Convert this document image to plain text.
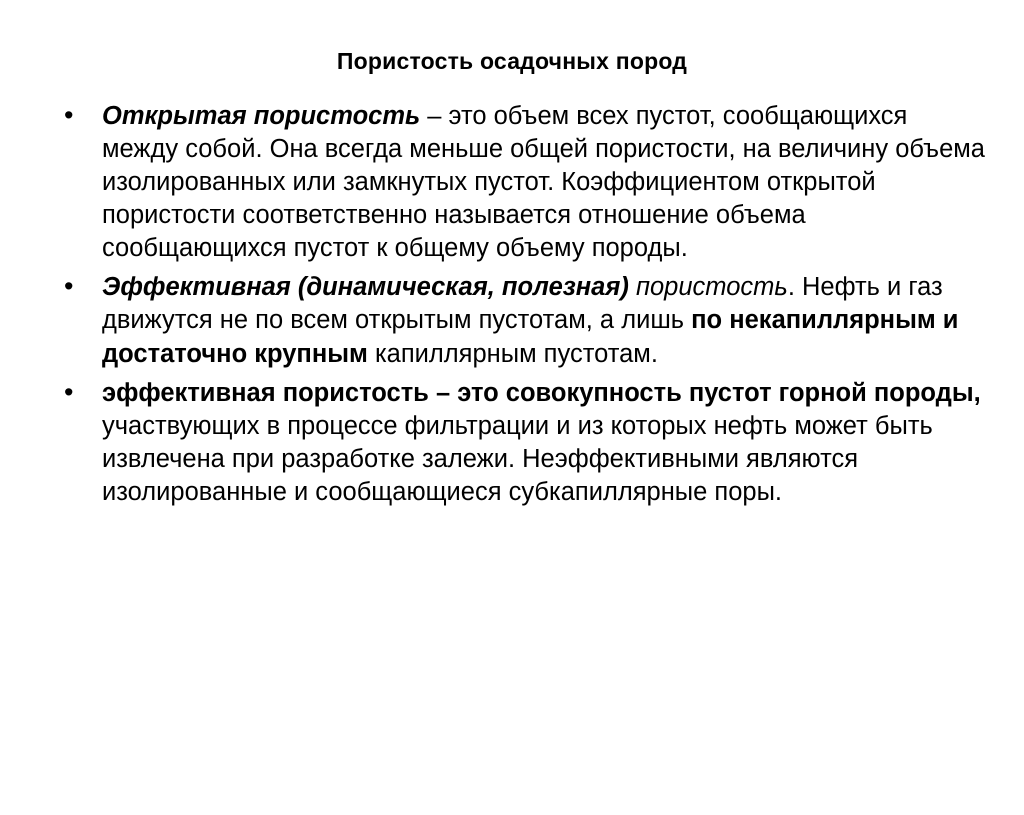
Пористость осадочных пород
• Открытая пористость – это объем всех пустот, сообщающихся между собой. Она всегда меньше общей пористости, на величину объема изолированных или замкнутых пустот. Коэффициентом открытой пористости соответственно называется отношение объема сообщающихся пустот к общему объему породы.
• Эффективная (динамическая, полезная) пористость. Нефть и газ движутся не по всем открытым пустотам, а лишь по некапиллярным и достаточно крупным капиллярным пустотам.
• эффективная пористость – это совокупность пустот горной породы, участвующих в процессе фильтрации и из которых нефть может быть извлечена при разработке залежи. Неэффективными являются изолированные и сообщающиеся субкапиллярные поры.
